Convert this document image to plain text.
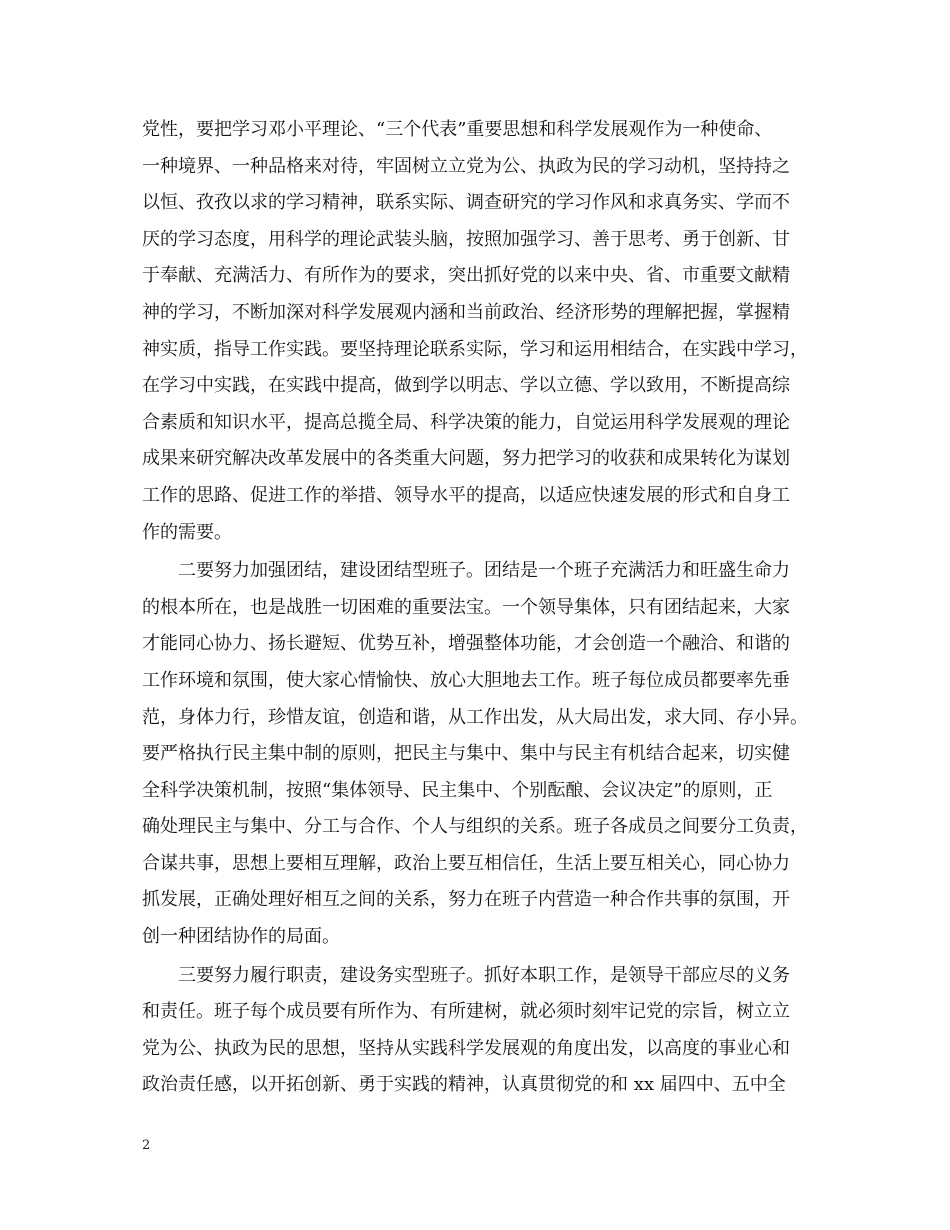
党性，要把学习邓小平理论、“三个代表”重要思想和科学发展观作为一种使命、
一种境界、一种品格来对待，牢固树立立党为公、执政为民的学习动机，坚持持之
以恒、孜孜以求的学习精神，联系实际、调查研究的学习作风和求真务实、学而不
厌的学习态度，用科学的理论武装头脑，按照加强学习、善于思考、勇于创新、甘
于奉献、充满活力、有所作为的要求，突出抓好党的以来中央、省、市重要文献精
神的学习，不断加深对科学发展观内涵和当前政治、经济形势的理解把握，掌握精
神实质，指导工作实践。要坚持理论联系实际，学习和运用相结合，在实践中学习，
在学习中实践，在实践中提高，做到学以明志、学以立德、学以致用，不断提高综
合素质和知识水平，提高总揽全局、科学决策的能力，自觉运用科学发展观的理论
成果来研究解决改革发展中的各类重大问题，努力把学习的收获和成果转化为谋划
工作的思路、促进工作的举措、领导水平的提高，以适应快速发展的形式和自身工
作的需要。
二要努力加强团结，建设团结型班子。团结是一个班子充满活力和旺盛生命力
的根本所在，也是战胜一切困难的重要法宝。一个领导集体，只有团结起来，大家
才能同心协力、扬长避短、优势互补，增强整体功能，才会创造一个融洽、和谐的
工作环境和氛围，使大家心情愉快、放心大胆地去工作。班子每位成员都要率先垂
范，身体力行，珍惜友谊，创造和谐，从工作出发，从大局出发，求大同、存小异。
要严格执行民主集中制的原则，把民主与集中、集中与民主有机结合起来，切实健
全科学决策机制，按照“集体领导、民主集中、个别酝酿、会议决定”的原则，正
确处理民主与集中、分工与合作、个人与组织的关系。班子各成员之间要分工负责，
合谋共事，思想上要相互理解，政治上要互相信任，生活上要互相关心，同心协力
抓发展，正确处理好相互之间的关系，努力在班子内营造一种合作共事的氛围，开
创一种团结协作的局面。
三要努力履行职责，建设务实型班子。抓好本职工作，是领导干部应尽的义务
和责任。班子每个成员要有所作为、有所建树，就必须时刻牢记党的宗旨，树立立
党为公、执政为民的思想，坚持从实践科学发展观的角度出发，以高度的事业心和
政治责任感，以开拓创新、勇于实践的精神，认真贯彻党的和 xx 届四中、五中全
2
